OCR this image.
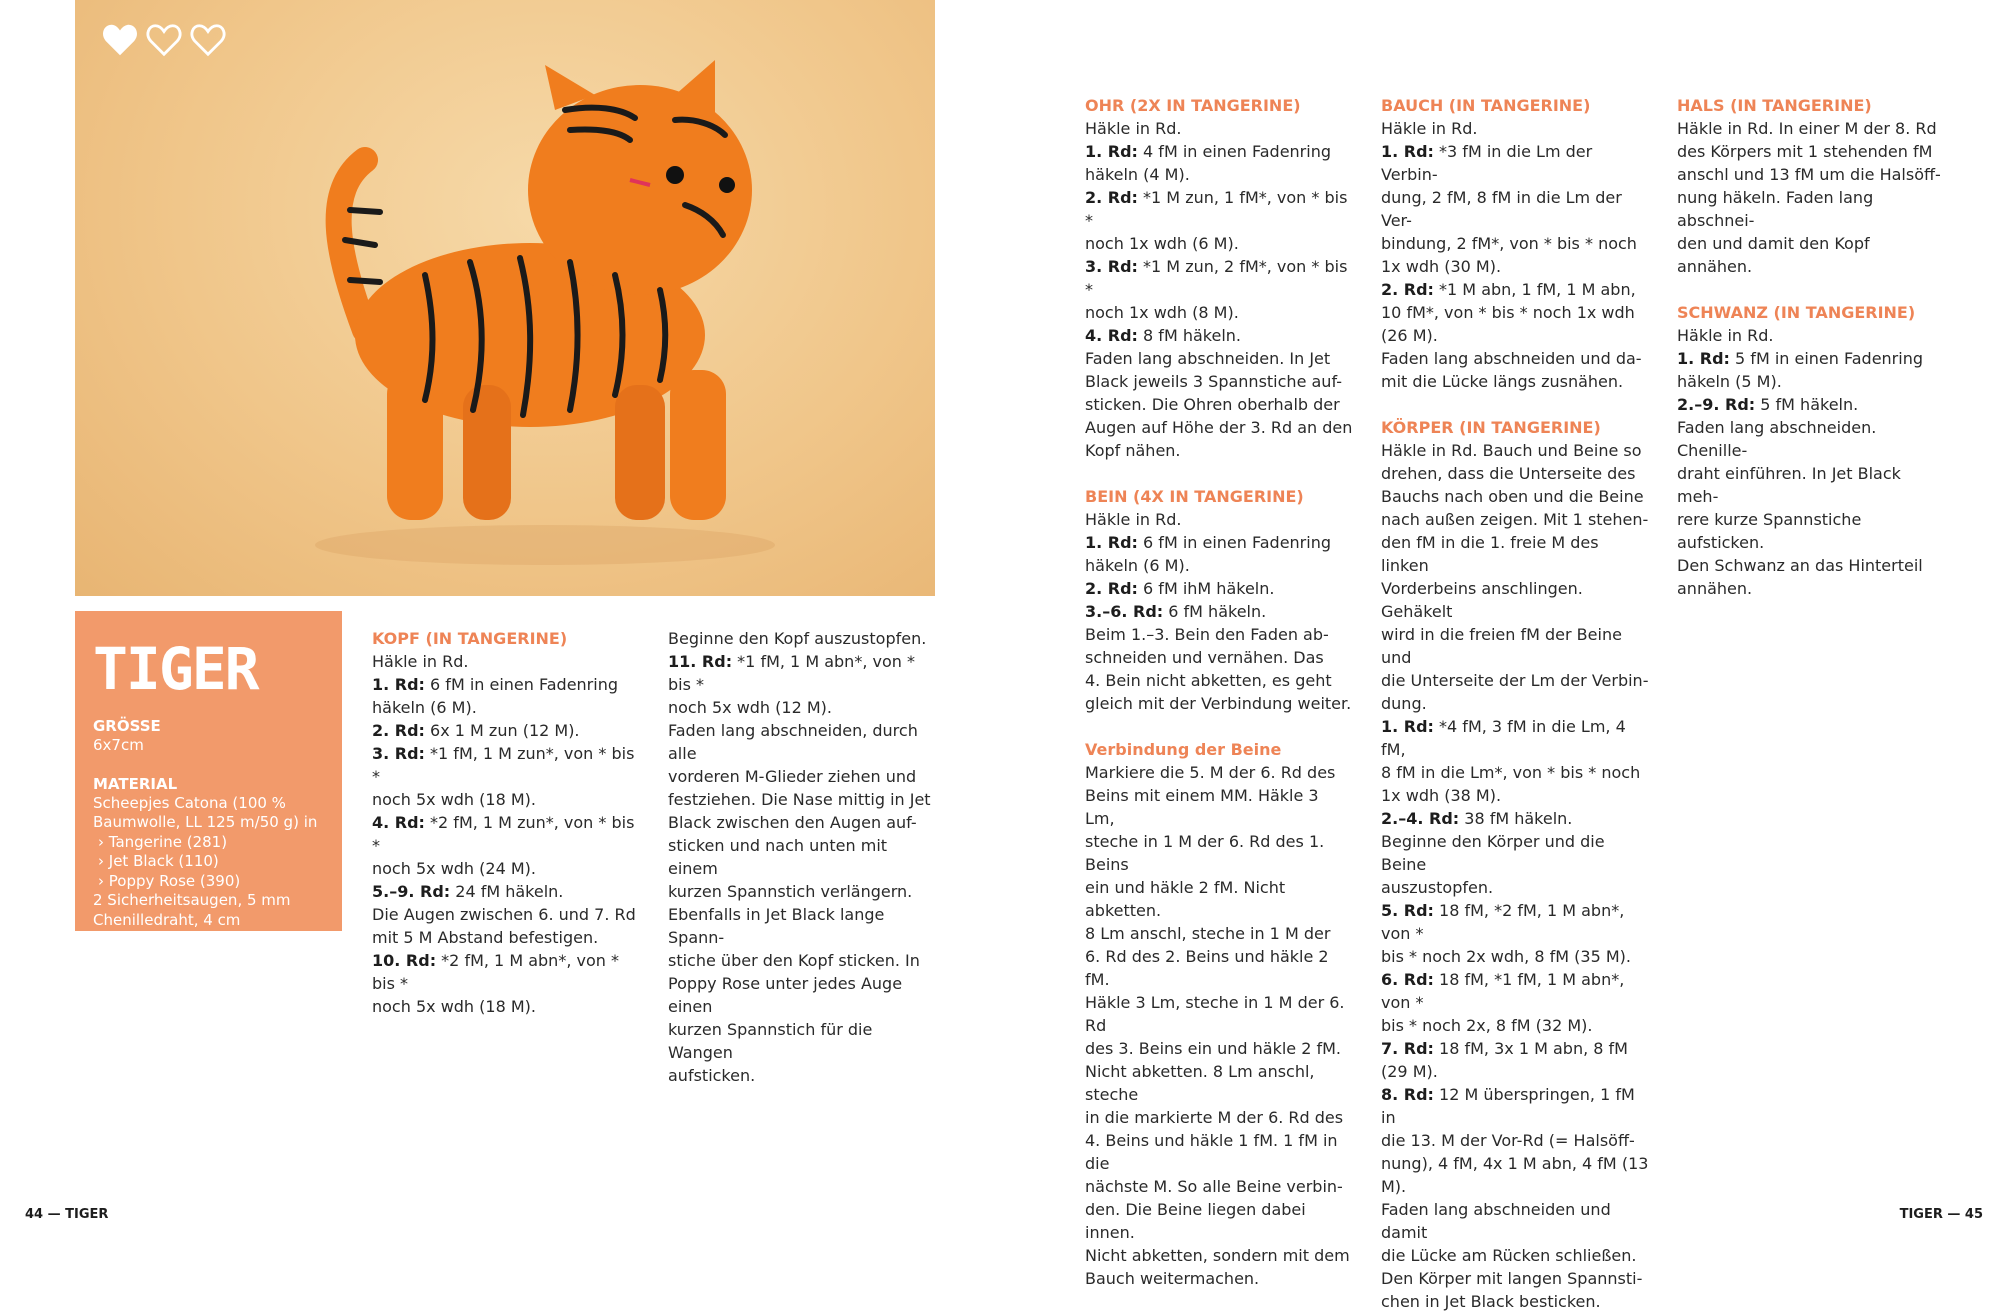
TIGER
GRÖSSE
6x7cm
MATERIAL
Scheepjes Catona (100 %
Baumwolle, LL 125 m/50 g) in
› Tangerine (281)
› Jet Black (110)
› Poppy Rose (390)
2 Sicherheitsaugen, 5 mm
Chenilledraht, 4 cm

KOPF (IN TANGERINE)

Häkle in Rd.

1. Rd: 6 fM in einen Fadenring

häkeln (6 M).

2. Rd: 6x 1 M zun (12 M).

3. Rd: *1 fM, 1 M zun*, von * bis *

noch 5x wdh (18 M).

4. Rd: *2 fM, 1 M zun*, von * bis *

noch 5x wdh (24 M).

5.–9. Rd: 24 fM häkeln.

Die Augen zwischen 6. und 7. Rd

mit 5 M Abstand befestigen.

10. Rd: *2 fM, 1 M abn*, von * bis *

noch 5x wdh (18 M).

Beginne den Kopf auszustopfen.

11. Rd: *1 fM, 1 M abn*, von * bis *

noch 5x wdh (12 M).

Faden lang abschneiden, durch alle

vorderen M-Glieder ziehen und

festziehen. Die Nase mittig in Jet

Black zwischen den Augen auf-

sticken und nach unten mit einem

kurzen Spannstich verlängern.

Ebenfalls in Jet Black lange Spann-

stiche über den Kopf sticken. In

Poppy Rose unter jedes Auge einen

kurzen Spannstich für die Wangen

aufsticken.

OHR (2X IN TANGERINE)

Häkle in Rd.

1. Rd: 4 fM in einen Fadenring

häkeln (4 M).

2. Rd: *1 M zun, 1 fM*, von * bis *

noch 1x wdh (6 M).

3. Rd: *1 M zun, 2 fM*, von * bis *

noch 1x wdh (8 M).

4. Rd: 8 fM häkeln.

Faden lang abschneiden. In Jet

Black jeweils 3 Spannstiche auf-

sticken. Die Ohren oberhalb der

Augen auf Höhe der 3. Rd an den

Kopf nähen.

BEIN (4X IN TANGERINE)

Häkle in Rd.

1. Rd: 6 fM in einen Fadenring

häkeln (6 M).

2. Rd: 6 fM ihM häkeln.

3.–6. Rd: 6 fM häkeln.

Beim 1.–3. Bein den Faden ab-

schneiden und vernähen. Das

4. Bein nicht abketten, es geht

gleich mit der Verbindung weiter.

Verbindung der Beine

Markiere die 5. M der 6. Rd des

Beins mit einem MM. Häkle 3 Lm,

steche in 1 M der 6. Rd des 1. Beins

ein und häkle 2 fM. Nicht abketten.

8 Lm anschl, steche in 1 M der

6. Rd des 2. Beins und häkle 2 fM.

Häkle 3 Lm, steche in 1 M der 6. Rd

des 3. Beins ein und häkle 2 fM.

Nicht abketten. 8 Lm anschl, steche

in die markierte M der 6. Rd des

4. Beins und häkle 1 fM. 1 fM in die

nächste M. So alle Beine verbin-

den. Die Beine liegen dabei innen.

Nicht abketten, sondern mit dem

Bauch weitermachen.

BAUCH (IN TANGERINE)

Häkle in Rd.

1. Rd: *3 fM in die Lm der Verbin-

dung, 2 fM, 8 fM in die Lm der Ver-

bindung, 2 fM*, von * bis * noch

1x wdh (30 M).

2. Rd: *1 M abn, 1 fM, 1 M abn,

10 fM*, von * bis * noch 1x wdh

(26 M).

Faden lang abschneiden und da-

mit die Lücke längs zusnähen.

KÖRPER (IN TANGERINE)

Häkle in Rd. Bauch und Beine so

drehen, dass die Unterseite des

Bauchs nach oben und die Beine

nach außen zeigen. Mit 1 stehen-

den fM in die 1. freie M des linken

Vorderbeins anschlingen. Gehäkelt

wird in die freien fM der Beine und

die Unterseite der Lm der Verbin-

dung.

1. Rd: *4 fM, 3 fM in die Lm, 4 fM,

8 fM in die Lm*, von * bis * noch

1x wdh (38 M).

2.–4. Rd: 38 fM häkeln.

Beginne den Körper und die Beine

auszustopfen.

5. Rd: 18 fM, *2 fM, 1 M abn*, von *

bis * noch 2x wdh, 8 fM (35 M).

6. Rd: 18 fM, *1 fM, 1 M abn*, von *

bis * noch 2x, 8 fM (32 M).

7. Rd: 18 fM, 3x 1 M abn, 8 fM

(29 M).

8. Rd: 12 M überspringen, 1 fM in

die 13. M der Vor-Rd (= Halsöff-

nung), 4 fM, 4x 1 M abn, 4 fM (13 M).

Faden lang abschneiden und damit

die Lücke am Rücken schließen.

Den Körper mit langen Spannsti-

chen in Jet Black besticken.

HALS (IN TANGERINE)

Häkle in Rd. In einer M der 8. Rd

des Körpers mit 1 stehenden fM

anschl und 13 fM um die Halsöff-

nung häkeln. Faden lang abschnei-

den und damit den Kopf annähen.

SCHWANZ (IN TANGERINE)

Häkle in Rd.

1. Rd: 5 fM in einen Fadenring

häkeln (5 M).

2.–9. Rd: 5 fM häkeln.

Faden lang abschneiden. Chenille-

draht einführen. In Jet Black meh-

rere kurze Spannstiche aufsticken.

Den Schwanz an das Hinterteil

annähen.

44 — TIGER	TIGER — 45
